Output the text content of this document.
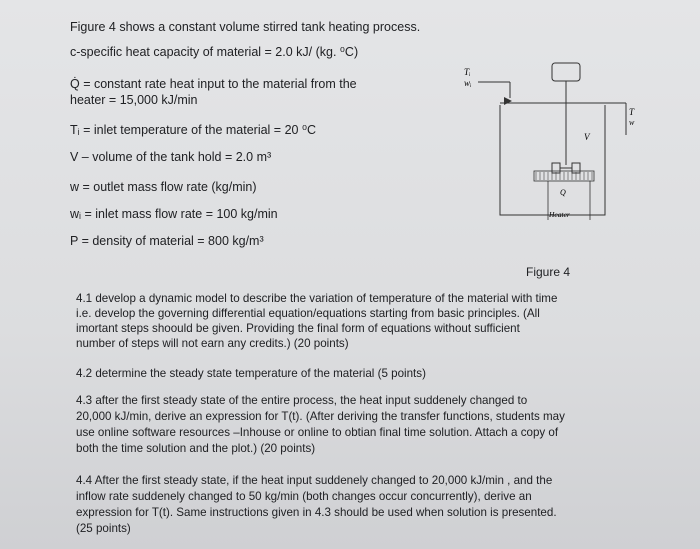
Figure 4 shows a constant volume stirred tank heating process.
c-specific heat capacity of material = 2.0 kJ/ (kg. ⁰C)
Q̇ = constant rate heat input to the material from the
heater = 15,000 kJ/min
Tᵢ = inlet temperature of the material = 20 ⁰C
V – volume of the tank hold = 2.0 m³
w = outlet mass flow rate (kg/min)
wᵢ = inlet mass flow rate = 100 kg/min
P = density of material = 800 kg/m³
Tᵢ
wᵢ
T
w
V
Q
Heater
Figure 4
4.1 develop a dynamic model to describe the variation of temperature of the material with time
i.e. develop the governing differential equation/equations starting from basic principles. (All
imortant steps shoould be given. Providing the final form of equations without sufficient
number of steps will not earn any credits.) (20 points)
4.2 determine the steady state temperature of the material (5 points)
4.3 after the first steady state of the entire process, the heat input suddenely changed to
20,000 kJ/min, derive an expression for T(t). (After deriving the transfer functions, students may
use online software resources –Inhouse or online to obtian final time solution. Attach a copy of
both the time solution and the plot.) (20 points)
4.4 After the first steady state, if the heat input suddenely changed to 20,000 kJ/min , and the
inflow rate suddenely changed to 50 kg/min (both changes occur concurrently), derive an
expression for T(t). Same instructions given in 4.3 should be used when solution is presented.
(25 points)
